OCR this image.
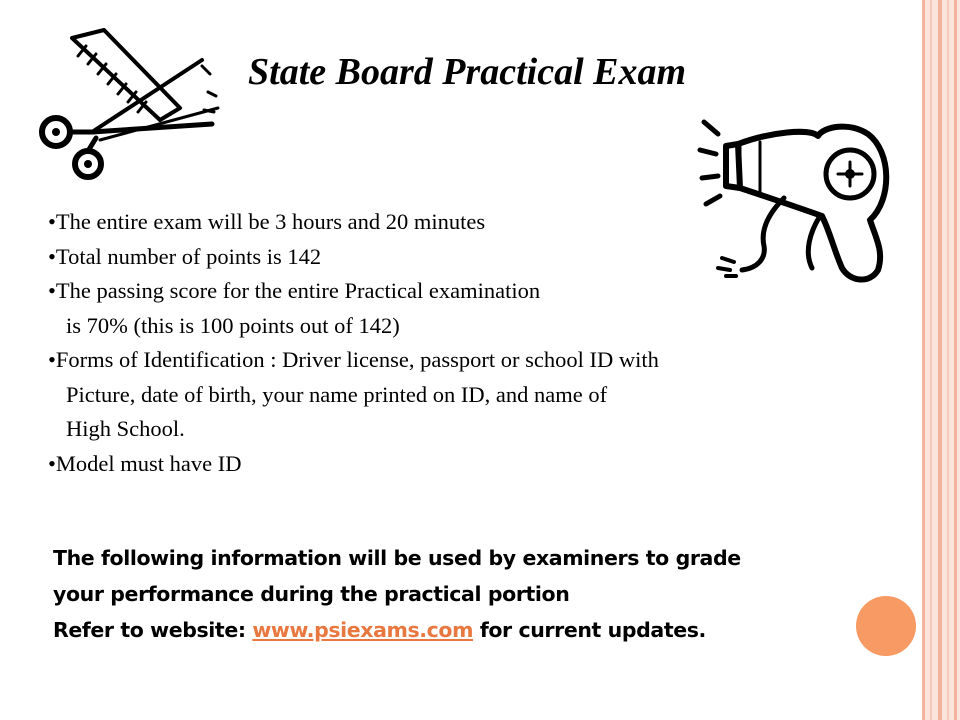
State Board Practical Exam
•The entire exam will be 3 hours and 20 minutes
•Total number of points is 142
•The passing score for the entire Practical examination
is 70% (this is 100 points out of 142)
•Forms of Identification : Driver license, passport or school ID with
Picture, date of birth, your name printed on ID, and name of
High School.
•Model must have ID

The following information will be used by examiners to grade

your performance during the practical portion

Refer to website: www.psiexams.com for current updates.
